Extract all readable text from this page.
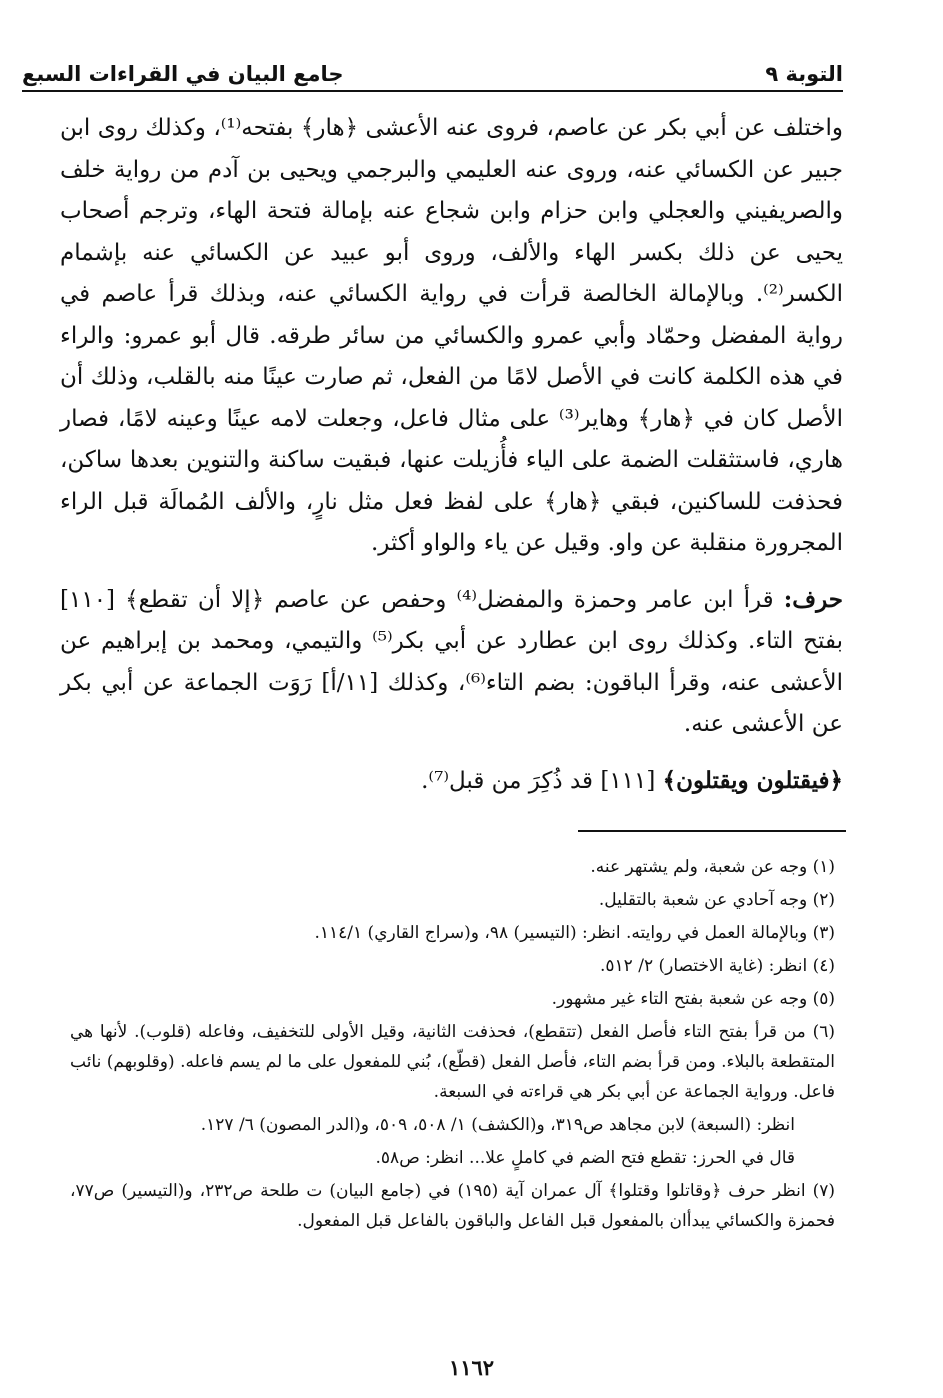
التوبة ٩
جامع البيان في القراءات السبع

واختلف عن أبي بكر عن عاصم، فروى عنه الأعشى ﴿هار﴾ بفتحه⁽¹⁾، وكذلك روى ابن جبير عن الكسائي عنه، وروى عنه العليمي والبرجمي ويحيى بن آدم من رواية خلف والصريفيني والعجلي وابن حزام وابن شجاع عنه بإمالة فتحة الهاء، وترجم أصحاب يحيى عن ذلك بكسر الهاء والألف، وروى أبو عبيد عن الكسائي عنه بإشمام الكسر⁽²⁾. وبالإمالة الخالصة قرأت في رواية الكسائي عنه، وبذلك قرأ عاصم في رواية المفضل وحمّاد وأبي عمرو والكسائي من سائر طرقه. قال أبو عمرو: والراء في هذه الكلمة كانت في الأصل لامًا من الفعل، ثم صارت عينًا منه بالقلب، وذلك أن الأصل كان في ﴿هار﴾ وهاير⁽³⁾ على مثال فاعل، وجعلت لامه عينًا وعينه لامًا، فصار هاري، فاستثقلت الضمة على الياء فأُزيلت عنها، فبقيت ساكنة والتنوين بعدها ساكن، فحذفت للساكنين، فبقي ﴿هار﴾ على لفظ فعل مثل نارٍ، والألف المُمالَة قبل الراء المجرورة منقلبة عن واو. وقيل عن ياء والواو أكثر.

حرف: قرأ ابن عامر وحمزة والمفضل⁽⁴⁾ وحفص عن عاصم ﴿إلا أن تقطع﴾ [١١٠] بفتح التاء. وكذلك روى ابن عطارد عن أبي بكر⁽⁵⁾ والتيمي، ومحمد بن إبراهيم عن الأعشى عنه، وقرأ الباقون: بضم التاء⁽⁶⁾، وكذلك [١١/أ] رَوَت الجماعة عن أبي بكر عن الأعشى عنه.

﴿فيقتلون ويقتلون﴾ [١١١] قد ذُكِرَ من قبل⁽⁷⁾.

(١) وجه عن شعبة، ولم يشتهر عنه.

(٢) وجه آحادي عن شعبة بالتقليل.

(٣) وبالإمالة العمل في روايته. انظر: (التيسير) ٩٨، و(سراج القاري) ١١٤/١.

(٤) انظر: (غاية الاختصار) ٢/ ٥١٢.

(٥) وجه عن شعبة بفتح التاء غير مشهور.

(٦) من قرأ بفتح التاء فأصل الفعل (تتقطع)، فحذفت الثانية، وقيل الأولى للتخفيف، وفاعله (قلوب). لأنها هي المتقطعة بالبلاء. ومن قرأ بضم التاء، فأصل الفعل (قطّع)، بُني للمفعول على ما لم يسم فاعله. (وقلوبهم) نائب فاعل. ورواية الجماعة عن أبي بكر هي قراءته في السبعة.

انظر: (السبعة) لابن مجاهد ص٣١٩، و(الكشف) ١/ ٥٠٨، ٥٠٩، و(الدر المصون) ٦/ ١٢٧.

قال في الحرز: تقطع فتح الضم في كاملٍ علا... انظر: ص٥٨.

(٧) انظر حرف ﴿وقاتلوا وقتلوا﴾ آل عمران آية (١٩٥) في (جامع البيان) ت طلحة ص٢٣٢، و(التيسير) ص٧٧، فحمزة والكسائي يبدأان بالمفعول قبل الفاعل والباقون بالفاعل قبل المفعول.

١١٦٢
